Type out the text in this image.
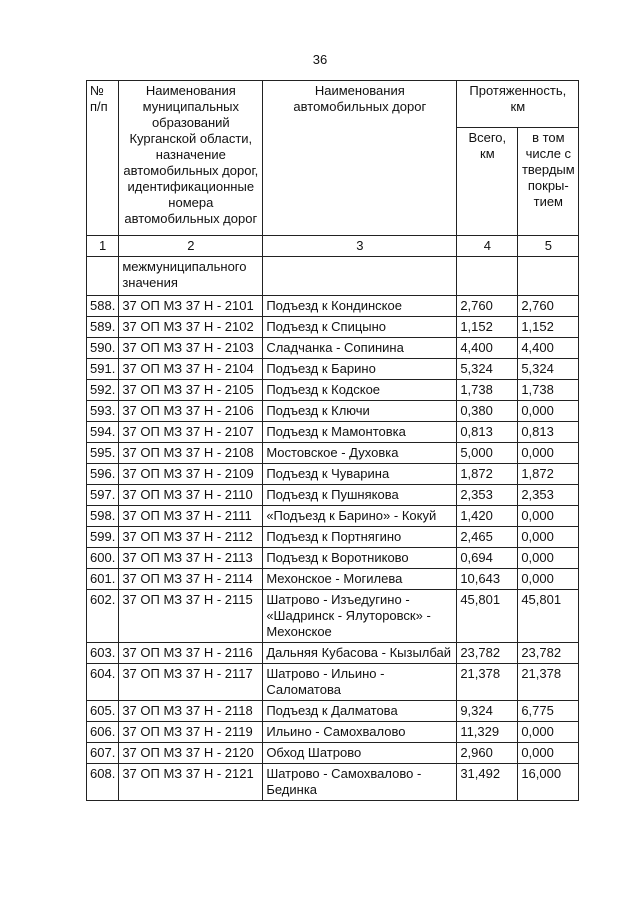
36
№
п/п	Наименования муниципальных образований Курганской области, назначение автомобильных дорог, идентификационные номера автомобильных дорог	Наименования автомобильных дорог	Протяженность, км	
			Всего, км	в том числе с твердым покры-тием
1	2	3	4	5
	межмуниципального значения			
588.	37 ОП МЗ 37 Н - 2101	Подъезд к Кондинское	2,760	2,760
589.	37 ОП МЗ 37 Н - 2102	Подъезд к Спицыно	1,152	1,152
590.	37 ОП МЗ 37 Н - 2103	Сладчанка - Сопинина	4,400	4,400
591.	37 ОП МЗ 37 Н - 2104	Подъезд к Барино	5,324	5,324
592.	37 ОП МЗ 37 Н - 2105	Подъезд к Кодское	1,738	1,738
593.	37 ОП МЗ 37 Н - 2106	Подъезд к Ключи	0,380	0,000
594.	37 ОП МЗ 37 Н - 2107	Подъезд к Мамонтовка	0,813	0,813
595.	37 ОП МЗ 37 Н - 2108	Мостовское - Духовка	5,000	0,000
596.	37 ОП МЗ 37 Н - 2109	Подъезд к Чуварина	1,872	1,872
597.	37 ОП МЗ 37 Н - 2110	Подъезд к Пушнякова	2,353	2,353
598.	37 ОП МЗ 37 Н - 2111	«Подъезд к Барино» - Кокуй	1,420	0,000
599.	37 ОП МЗ 37 Н - 2112	Подъезд к Портнягино	2,465	0,000
600.	37 ОП МЗ 37 Н - 2113	Подъезд к Воротниково	0,694	0,000
601.	37 ОП МЗ 37 Н - 2114	Мехонское - Могилева	10,643	0,000
602.	37 ОП МЗ 37 Н - 2115	Шатрово - Изъедугино -
«Шадринск - Ялуторовск» -
Мехонское	45,801	45,801
603.	37 ОП МЗ 37 Н - 2116	Дальняя Кубасова - Кызылбай	23,782	23,782
604.	37 ОП МЗ 37 Н - 2117	Шатрово - Ильино -
Саломатова	21,378	21,378
605.	37 ОП МЗ 37 Н - 2118	Подъезд к Далматова	9,324	6,775
606.	37 ОП МЗ 37 Н - 2119	Ильино - Самохвалово	11,329	0,000
607.	37 ОП МЗ 37 Н - 2120	Обход Шатрово	2,960	0,000
608.	37 ОП МЗ 37 Н - 2121	Шатрово - Самохвалово -
Бединка	31,492	16,000
